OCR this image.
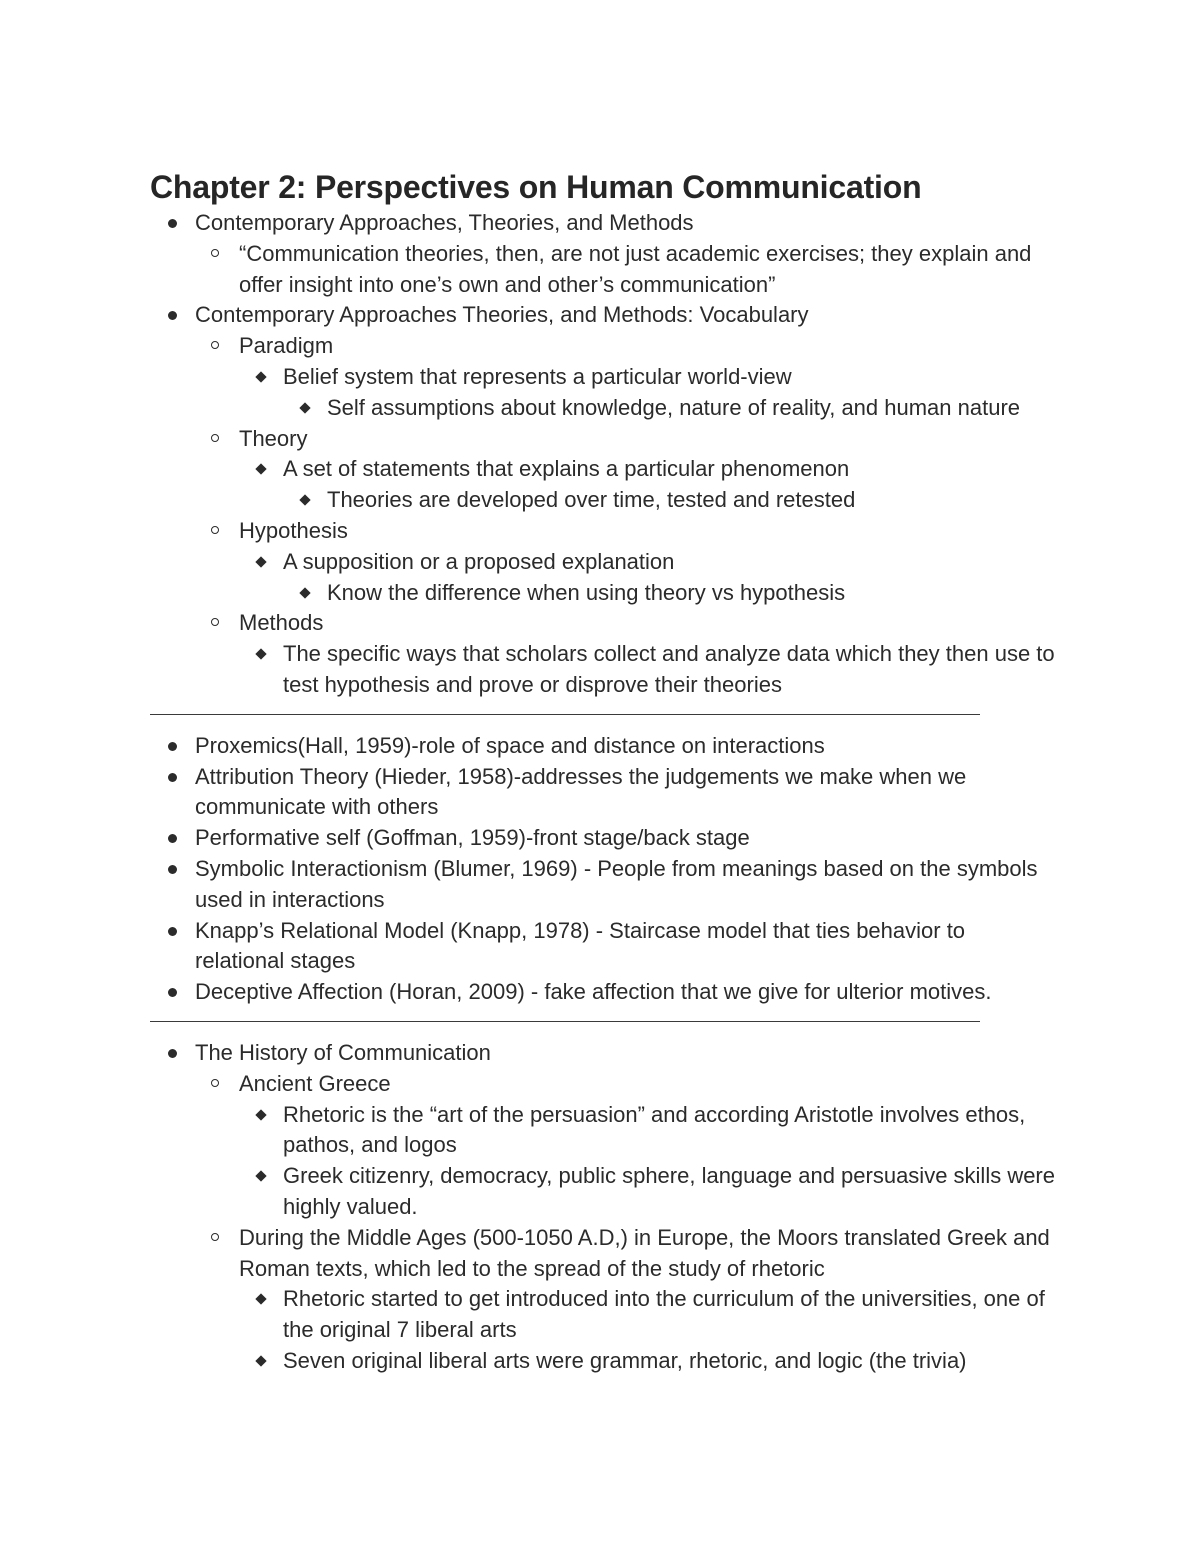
Chapter 2: Perspectives on Human Communication
Contemporary Approaches, Theories, and Methods
“Communication theories, then, are not just academic exercises; they explain and offer insight into one’s own and other’s communication”
Contemporary Approaches Theories, and Methods: Vocabulary
Paradigm
Belief system that represents a particular world-view
Self assumptions about knowledge, nature of reality, and human nature
Theory
A set of statements that explains a particular phenomenon
Theories are developed over time, tested and retested
Hypothesis
A supposition or a proposed explanation
Know the difference when using theory vs hypothesis
Methods
The specific ways that scholars collect and analyze data which they then use to test hypothesis and prove or disprove their theories
Proxemics(Hall, 1959)-role of space and distance on interactions
Attribution Theory (Hieder, 1958)-addresses the judgements we make when we communicate with others
Performative self (Goffman, 1959)-front stage/back stage
Symbolic Interactionism (Blumer, 1969) - People from meanings based on the symbols used in interactions
Knapp’s Relational Model (Knapp, 1978) - Staircase model that ties behavior to relational stages
Deceptive Affection (Horan, 2009) - fake affection that we give for ulterior motives.
The History of Communication
Ancient Greece
Rhetoric is the “art of the persuasion” and according Aristotle involves ethos, pathos, and logos
Greek citizenry, democracy, public sphere, language and persuasive skills were highly valued.
During the Middle Ages (500-1050 A.D,) in Europe, the Moors translated Greek and Roman texts, which led to the spread of the study of rhetoric
Rhetoric started to get introduced into the curriculum of the universities, one of the original 7 liberal arts
Seven original liberal arts were grammar, rhetoric, and logic (the trivia)
